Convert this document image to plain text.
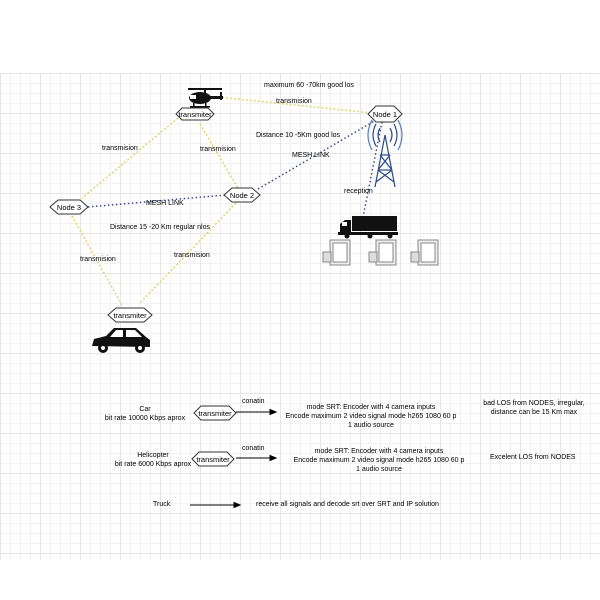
transmiter	Node 1
Node 2
Node 3
transmiter
transmiter
transmiter
maximum 60 -70km good los
transmision
Distance 10 -5Km good los
transmision	transmision
MESH LINK
reception
MESH LINK
Distance 15 -20 Km regular nlos
transmision
transmision
Car
bit rate 10000 Kbps aprox
conatin
mode SRT: Encoder with 4 camera inputs
Encode maximum 2 video signal mode h265 1080 60 p
1 audio source
bad LOS from NODES, irregular,
distance can be 15 Km max
Helicopter
bit rate 6000 Kbps aprox
conatin	mode SRT: Encoder with 4 camera inputs
Encode maximum 2 video signal mode h265 1080 60 p
1 audio source
Excelent LOS from NODES
Truck	receive all signals and decode srt over SRT and IP solution
